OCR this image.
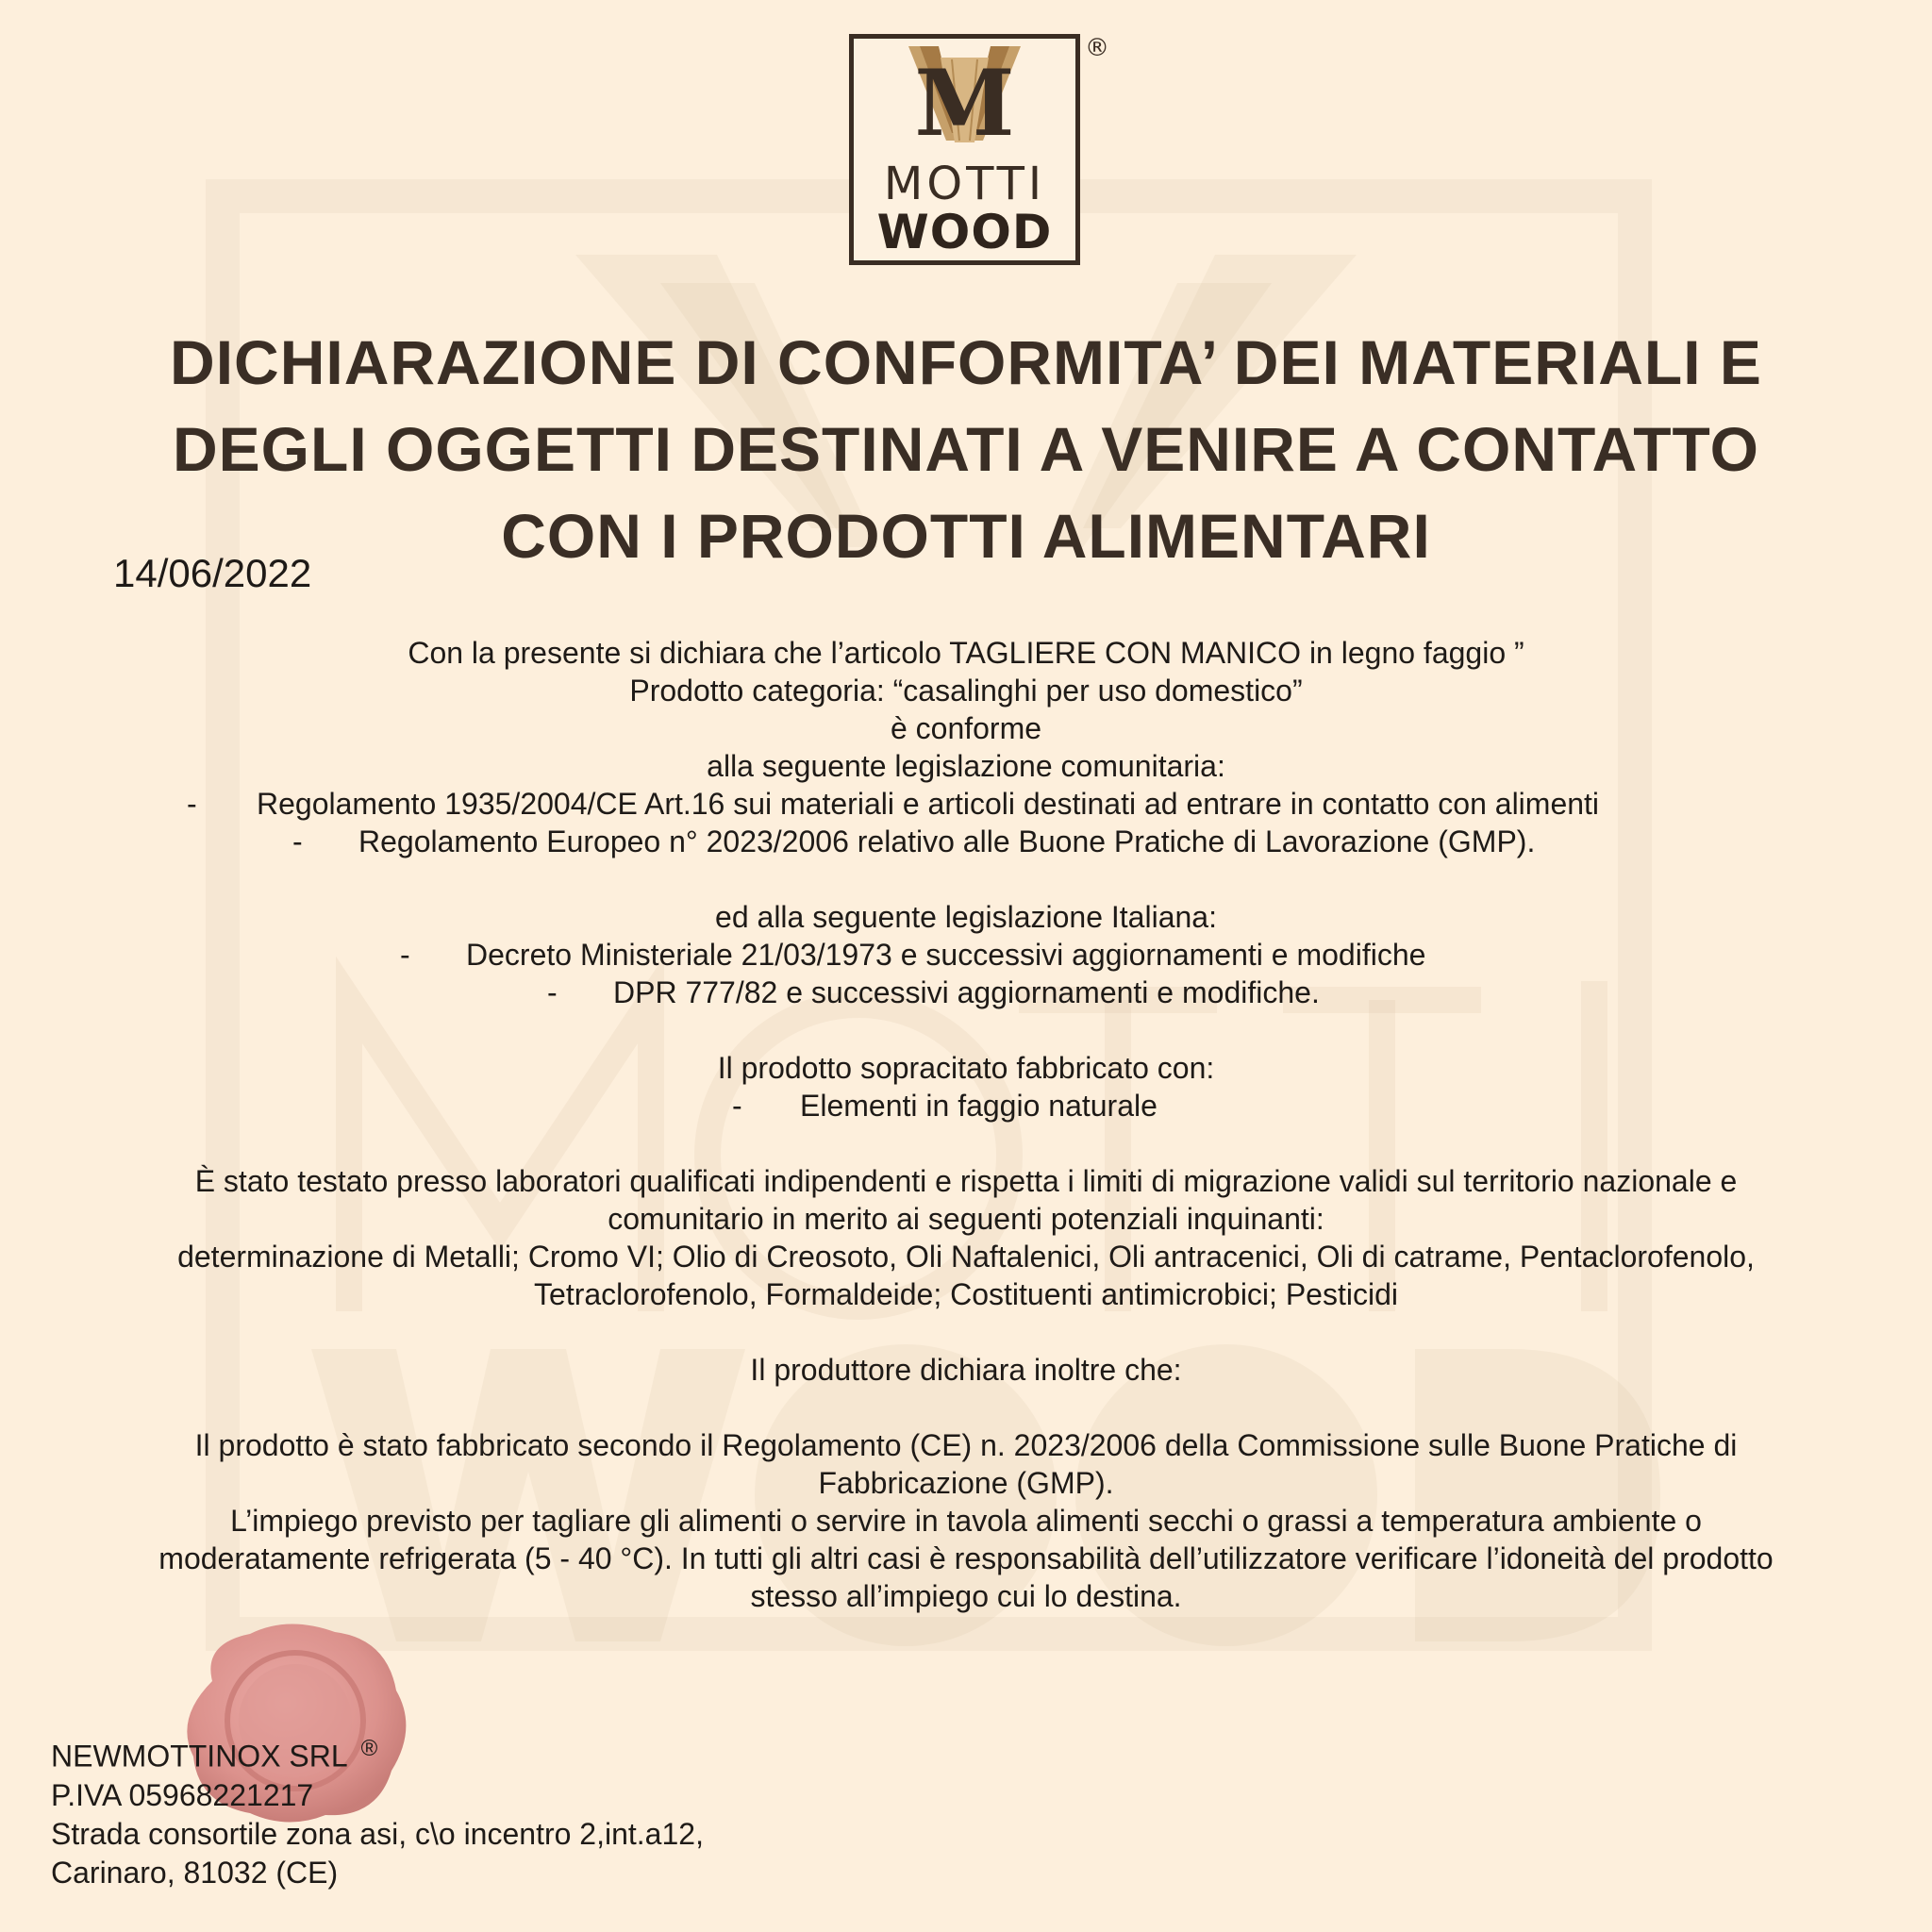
M
MOTTI
WOOD
®
DICHIARAZIONE DI CONFORMITA’ DEI MATERIALI E
DEGLI OGGETTI DESTINATI A VENIRE A CONTATTO
CON I PRODOTTI ALIMENTARI
14/06/2022
Con la presente si dichiara che l’articolo TAGLIERE CON MANICO in legno faggio ”
Prodotto categoria: “casalinghi per uso domestico”
è conforme
alla seguente legislazione comunitaria:
- Regolamento 1935/2004/CE Art.16 sui materiali e articoli destinati ad entrare in contatto con alimenti
- Regolamento Europeo n° 2023/2006 relativo alle Buone Pratiche di Lavorazione (GMP).
ed alla seguente legislazione Italiana:
- Decreto Ministeriale 21/03/1973 e successivi aggiornamenti e modifiche
- DPR 777/82 e successivi aggiornamenti e modifiche.
Il prodotto sopracitato fabbricato con:
- Elementi in faggio naturale
È stato testato presso laboratori qualificati indipendenti e rispetta i limiti di migrazione validi sul territorio nazionale e
comunitario in merito ai seguenti potenziali inquinanti:
determinazione di Metalli; Cromo VI; Olio di Creosoto, Oli Naftalenici, Oli antracenici, Oli di catrame, Pentaclorofenolo,
Tetraclorofenolo, Formaldeide; Costituenti antimicrobici; Pesticidi
Il produttore dichiara inoltre che:
Il prodotto è stato fabbricato secondo il Regolamento (CE) n. 2023/2006 della Commissione sulle Buone Pratiche di
Fabbricazione (GMP).
L’impiego previsto per tagliare gli alimenti o servire in tavola alimenti secchi o grassi a temperatura ambiente o
moderatamente refrigerata (5 - 40 °C). In tutti gli altri casi è responsabilità dell’utilizzatore verificare l’idoneità del prodotto
stesso all’impiego cui lo destina.
NEWMOTTINOX SRL ®
P.IVA 05968221217
Strada consortile zona asi, c\o incentro 2,int.a12,
Carinaro, 81032 (CE)
